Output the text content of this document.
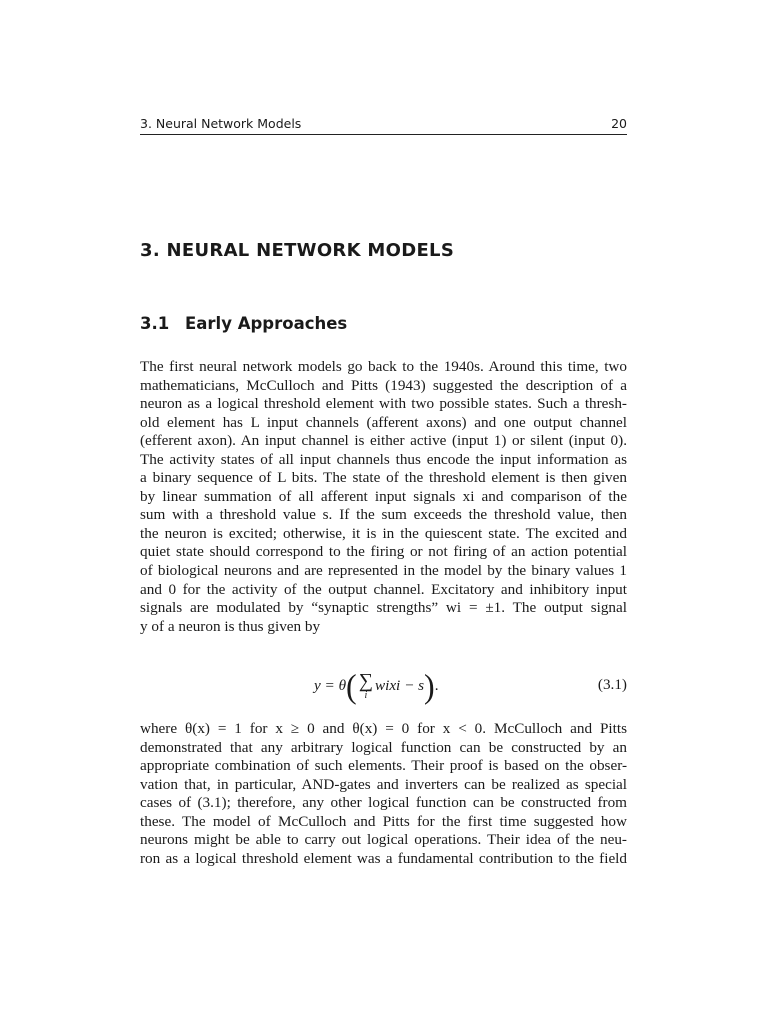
3. Neural Network Models	20
3. NEURAL NETWORK MODELS
3.1 Early Approaches
The first neural network models go back to the 1940s. Around this time, two
mathematicians, McCulloch and Pitts (1943) suggested the description of a
neuron as a logical threshold element with two possible states. Such a thresh-
old element has L input channels (afferent axons) and one output channel
(efferent axon). An input channel is either active (input 1) or silent (input 0).
The activity states of all input channels thus encode the input information as
a binary sequence of L bits. The state of the threshold element is then given
by linear summation of all afferent input signals xi and comparison of the
sum with a threshold value s. If the sum exceeds the threshold value, then
the neuron is excited; otherwise, it is in the quiescent state. The excited and
quiet state should correspond to the firing or not firing of an action potential
of biological neurons and are represented in the model by the binary values 1
and 0 for the activity of the output channel. Excitatory and inhibitory input
signals are modulated by “synaptic strengths” wi = ±1. The output signal
y of a neuron is thus given by
y = θ ( ∑
i
wixi − s ) .	(3.1)
where θ(x) = 1 for x ≥ 0 and θ(x) = 0 for x < 0. McCulloch and Pitts
demonstrated that any arbitrary logical function can be constructed by an
appropriate combination of such elements. Their proof is based on the obser-
vation that, in particular, AND-gates and inverters can be realized as special
cases of (3.1); therefore, any other logical function can be constructed from
these. The model of McCulloch and Pitts for the first time suggested how
neurons might be able to carry out logical operations. Their idea of the neu-
ron as a logical threshold element was a fundamental contribution to the field
